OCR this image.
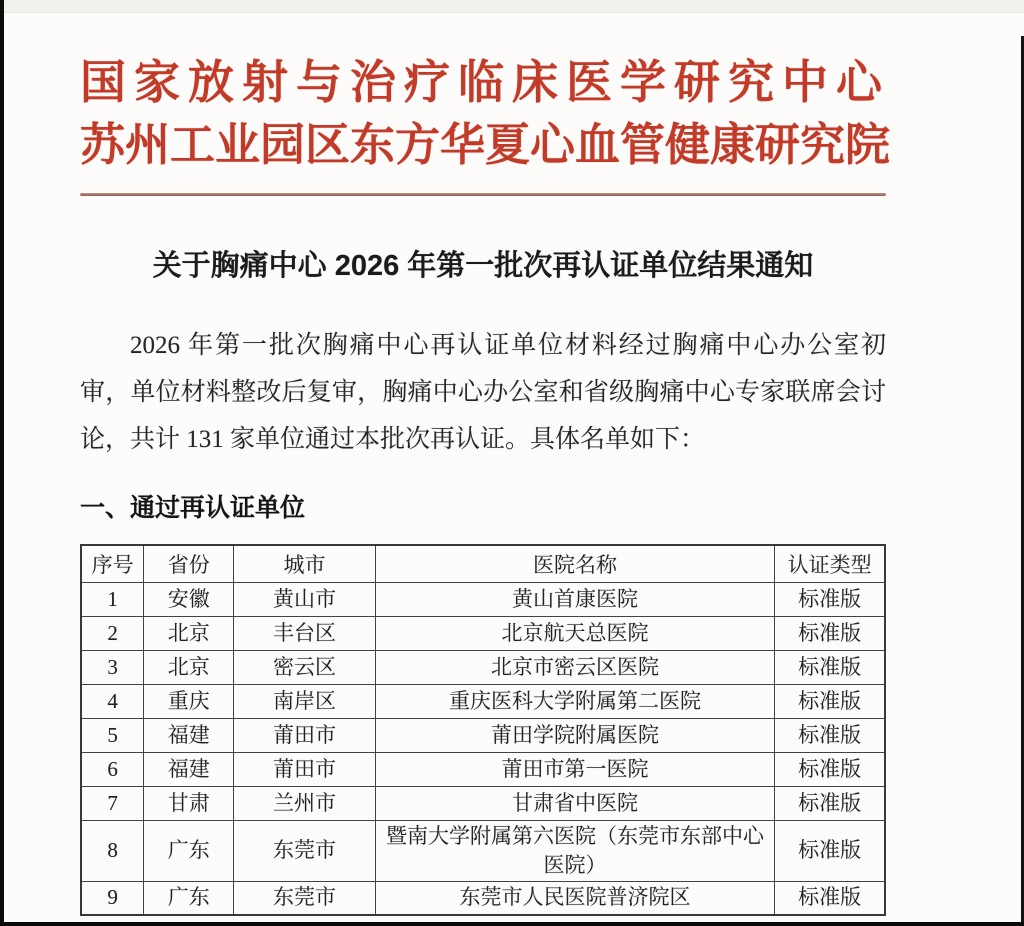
国家放射与治疗临床医学研究中心
苏州工业园区东方华夏心血管健康研究院
关于胸痛中心 2026 年第一批次再认证单位结果通知
2026 年第一批次胸痛中心再认证单位材料经过胸痛中心办公室初审，单位材料整改后复审，胸痛中心办公室和省级胸痛中心专家联席会讨论，共计 131 家单位通过本批次再认证。具体名单如下：
一、通过再认证单位
序号	省份	城市	医院名称	认证类型
1	安徽	黄山市	黄山首康医院	标准版
2	北京	丰台区	北京航天总医院	标准版
3	北京	密云区	北京市密云区医院	标准版
4	重庆	南岸区	重庆医科大学附属第二医院	标准版
5	福建	莆田市	莆田学院附属医院	标准版
6	福建	莆田市	莆田市第一医院	标准版
7	甘肃	兰州市	甘肃省中医院	标准版
8	广东	东莞市	暨南大学附属第六医院（东莞市东部中心医院）	标准版
9	广东	东莞市	东莞市人民医院普济院区	标准版
